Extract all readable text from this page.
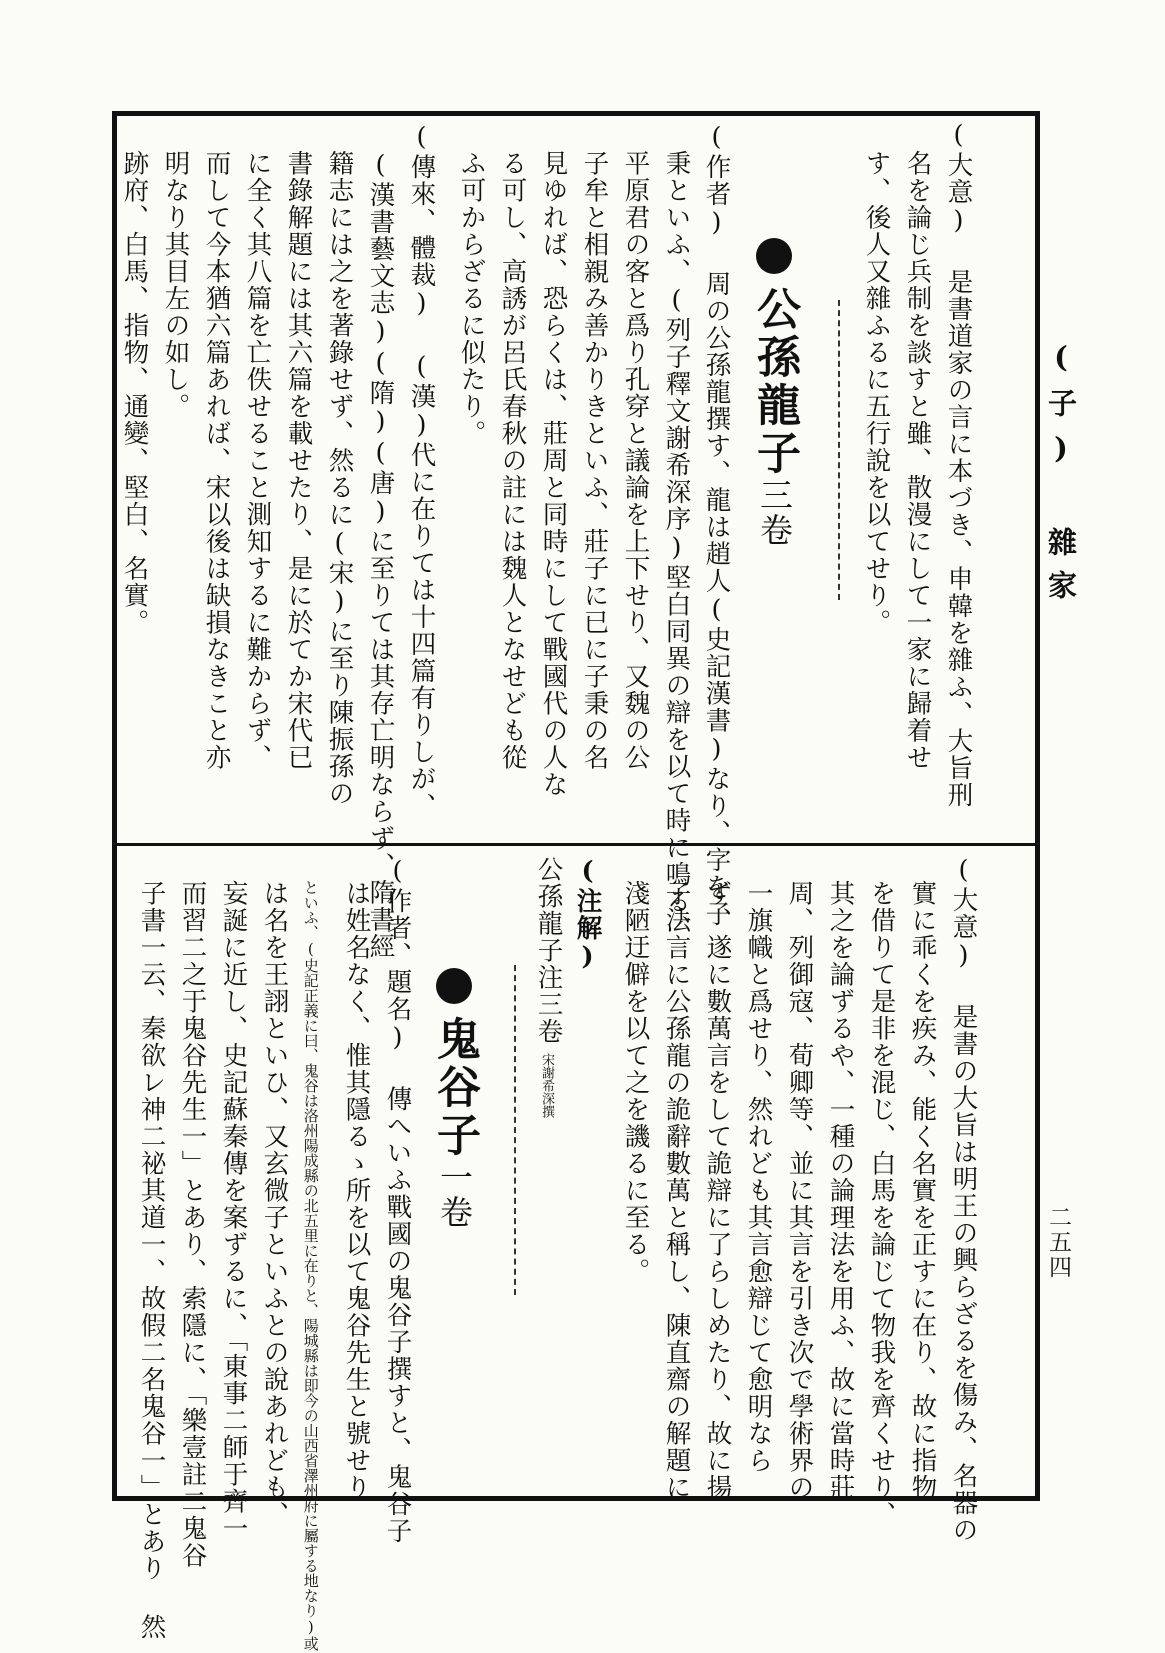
(子) 雜家
二五四
(大意) 是書道家の言に本づき、申韓を雜ふ、大旨刑
名を論じ兵制を談すと雖、散漫にして一家に歸着せ
す、後人又雜ふるに五行說を以てせり。

公孫龍子三卷

(作者) 周の公孫龍撰す、龍は趙人(史記漢書)なり、字を子
秉といふ、(列子釋文謝希深序)堅白同異の辯を以て時に鳴る、
平原君の客と爲り孔穿と議論を上下せり、又魏の公
子牟と相親み善かりきといふ、莊子に已に子秉の名
見ゆれば、恐らくは、莊周と同時にして戰國代の人な
る可し、高誘が呂氏春秋の註には魏人となせども從
ふ可からざるに似たり。
(傳來、體裁) (漢)代に在りては十四篇有りしが、
(漢書藝文志)(隋)(唐)に至りては其存亡明ならず、隋書經
籍志には之を著錄せず、然るに(宋)に至り陳振孫の
書錄解題には其六篇を載せたり、是に於てか宋代已
に全く其八篇を亡佚せること測知するに難からず、
而して今本猶六篇あれば、宋以後は缺損なきこと亦
明なり其目左の如し。
跡府、白馬、指物、通變、堅白、名實。
(大意) 是書の大旨は明王の興らざるを傷み、名器の
實に乖くを疾み、能く名實を正すに在り、故に指物
を借りて是非を混じ、白馬を論じて物我を齊くせり、
其之を論ずるや、一種の論理法を用ふ、故に當時莊
周、列御寇、荀卿等、並に其言を引き次で學術界の
一旗幟と爲せり、然れども其言愈辯じて愈明なら
ず、遂に數萬言をして詭辯に了らしめたり、故に揚
子法言に公孫龍の詭辭數萬と稱し、陳直齋の解題に
淺陋迂僻を以て之を譏るに至る。
(注解)
公孫龍子注三卷
宋謝希深撰

鬼谷子一卷

(作者、題名) 傳へいふ戰國の鬼谷子撰すと、鬼谷子
は姓名なく、惟其隱るゝ所を以て鬼谷先生と號せり
といふ、(史記正義に曰、鬼谷は洛州陽成縣の北五里に在りと、陽城縣は即今の山西省澤州府に屬する地なり)或
は名を王詡といひ、又玄微子といふとの說あれども、
妄誕に近し、史記蘇秦傳を案ずるに、「東事二師于齊一
而習二之于鬼谷先生一」とあり、索隱に、「樂壹註二鬼谷
子書一云、秦欲レ神二祕其道一、故假二名鬼谷一」とあり 然
